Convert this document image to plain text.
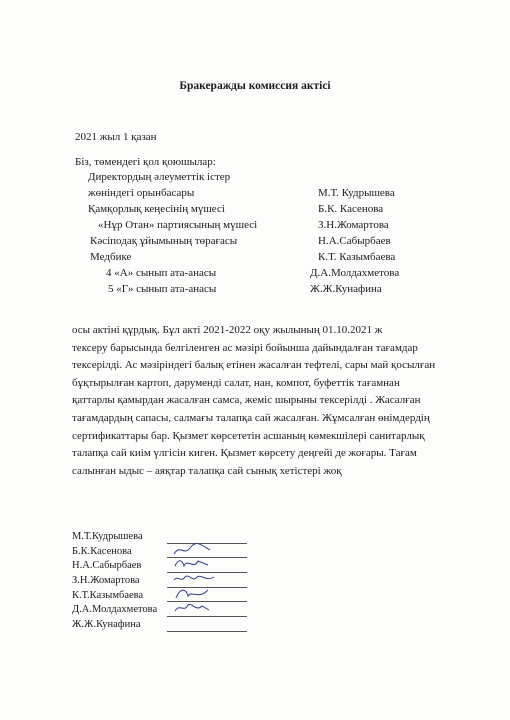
Бракеражды комиссия актісі
2021 жыл 1 қазан
Біз, төмендегі қол қоюшылар:
Директордың әлеуметтік істер
жөніндегі орынбасары	М.Т. Кудрышева
Қамқорлық кеңесінің мүшесі	Б.К. Касенова
«Нұр Отан» партиясының мүшесі	З.Н.Жомартова
Кәсіподақ ұйымының төрағасы	Н.А.Сабырбаев
Медбике	К.Т. Казымбаева
4 «А» сынып ата-анасы	Д.А.Молдахметова
5 «Г» сынып ата-анасы	Ж.Ж.Кунафина
осы актіні құрдық. Бұл акті 2021-2022 оқу жылының 01.10.2021 ж
тексеру барысында белгіленген ас мәзірі бойынша дайындалған тағамдар
тексерілді. Ас мәзіріндегі балық етінен жасалған тефтелі, сары май қосылған
бұқтырылған картоп, дәруменді салат, нан, компот, буфеттік тағамнан
қаттарлы қамырдан жасалған самса, жеміс шырыны тексерілді . Жасалған
тағамдардың сапасы, салмағы талапқа сай жасалған. Жұмсалған өнімдердің
сертификаттары бар. Қызмет көрсететін асшаның көмекшілері санитарлық
талапқа сай киім үлгісін киген. Қызмет көрсету деңгейі де жоғары. Тағам
салынған ыдыс – аяқтар талапқа сай сынық хетістері жоқ
М.Т.Кудрышева
Б.К.Касенова
Н.А.Сабырбаев
З.Н.Жомартова
К.Т.Казымбаева
Д.А.Молдахметова
Ж.Ж.Кунафина
